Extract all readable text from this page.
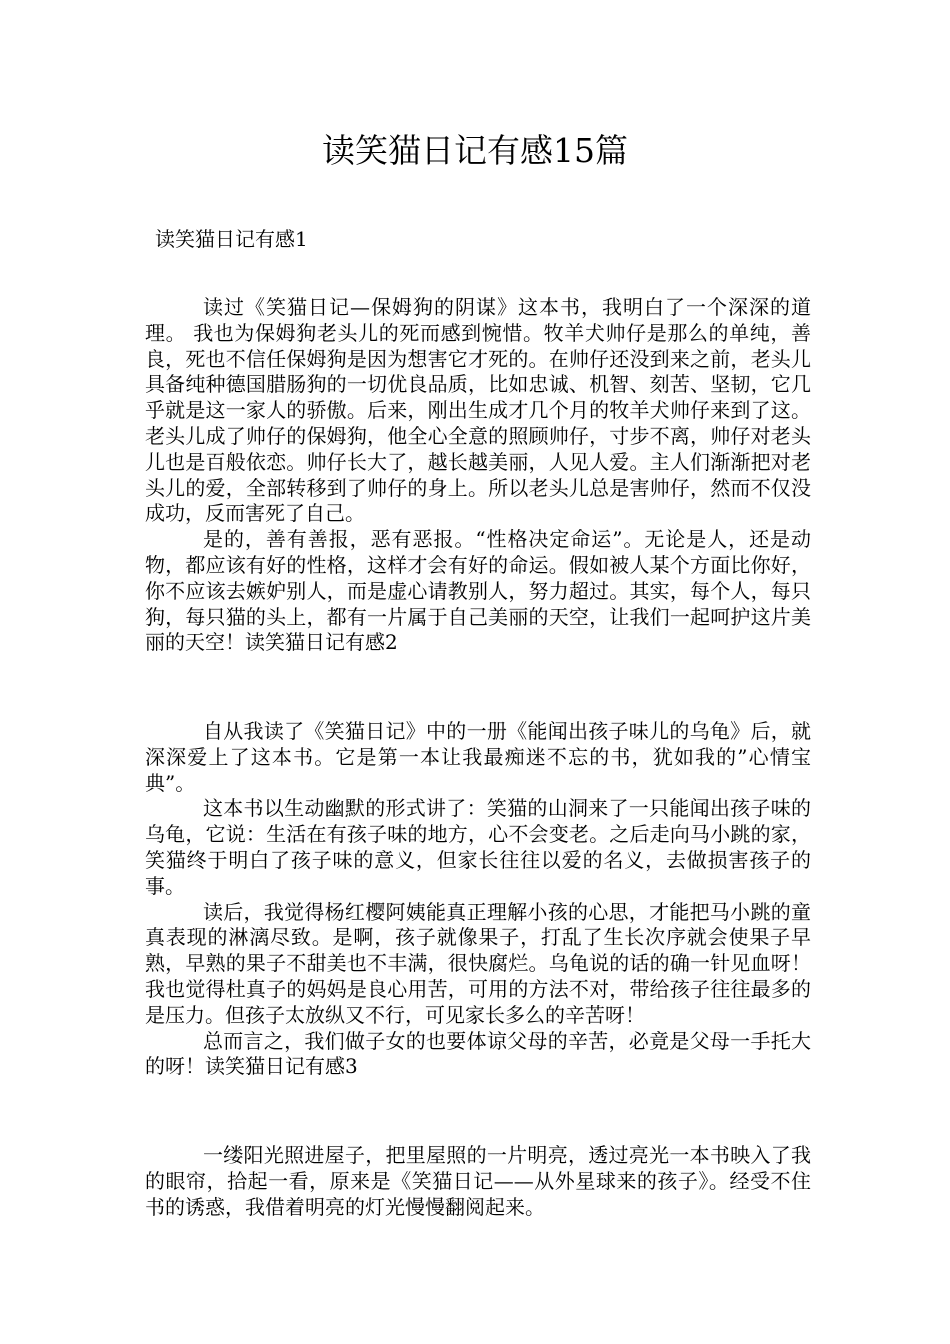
读笑猫日记有感15篇
读笑猫日记有感1

读过《笑猫日记—保姆狗的阴谋》这本书，我明白了一个深深的道理。 我也为保姆狗老头儿的死而感到惋惜。牧羊犬帅仔是那么的单纯，善良，死也不信任保姆狗是因为想害它才死的。在帅仔还没到来之前，老头儿具备纯种德国腊肠狗的一切优良品质，比如忠诚、机智、刻苦、坚韧，它几乎就是这一家人的骄傲。后来，刚出生成才几个月的牧羊犬帅仔来到了这。老头儿成了帅仔的保姆狗，他全心全意的照顾帅仔，寸步不离，帅仔对老头儿也是百般依恋。帅仔长大了，越长越美丽，人见人爱。主人们渐渐把对老头儿的爱，全部转移到了帅仔的身上。所以老头儿总是害帅仔，然而不仅没成功，反而害死了自己。

是的，善有善报，恶有恶报。“性格决定命运”。无论是人，还是动物，都应该有好的性格，这样才会有好的命运。假如被人某个方面比你好，你不应该去嫉妒别人，而是虚心请教别人，努力超过。其实，每个人，每只狗，每只猫的头上，都有一片属于自己美丽的天空，让我们一起呵护这片美丽的天空！读笑猫日记有感2

自从我读了《笑猫日记》中的一册《能闻出孩子味儿的乌龟》后，就深深爱上了这本书。它是第一本让我最痴迷不忘的书，犹如我的”心情宝典”。

这本书以生动幽默的形式讲了：笑猫的山洞来了一只能闻出孩子味的乌龟，它说：生活在有孩子味的地方，心不会变老。之后走向马小跳的家，笑猫终于明白了孩子味的意义，但家长往往以爱的名义，去做损害孩子的事。

读后，我觉得杨红樱阿姨能真正理解小孩的心思，才能把马小跳的童真表现的淋漓尽致。是啊，孩子就像果子，打乱了生长次序就会使果子早熟，早熟的果子不甜美也不丰满，很快腐烂。乌龟说的话的确一针见血呀！我也觉得杜真子的妈妈是良心用苦，可用的方法不对，带给孩子往往最多的是压力。但孩子太放纵又不行，可见家长多么的辛苦呀！

总而言之，我们做子女的也要体谅父母的辛苦，必竟是父母一手托大的呀！读笑猫日记有感3

一缕阳光照进屋子，把里屋照的一片明亮，透过亮光一本书映入了我的眼帘，拾起一看，原来是《笑猫日记——从外星球来的孩子》。经受不住书的诱惑，我借着明亮的灯光慢慢翻阅起来。
